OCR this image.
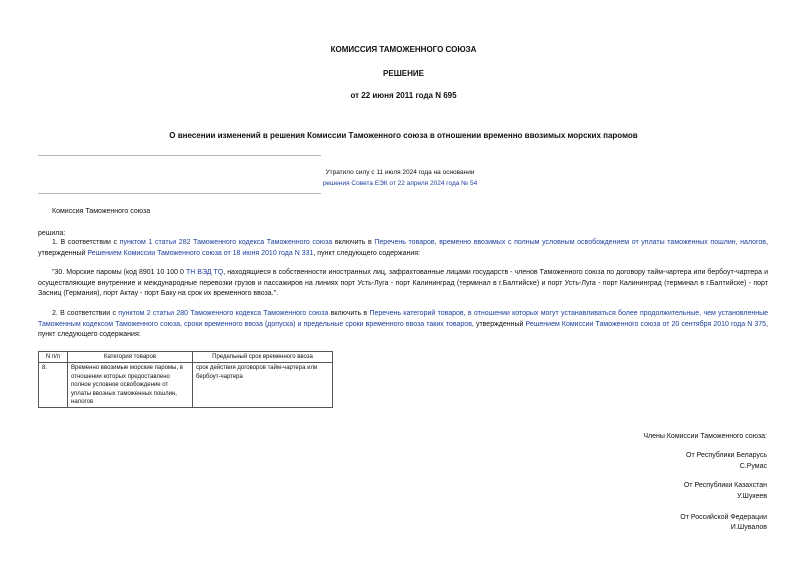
КОМИССИЯ ТАМОЖЕННОГО СОЮЗА
РЕШЕНИЕ
от 22 июня 2011 года N 695
О внесении изменений в решения Комиссии Таможенного союза в отношении временно ввозимых морских паромов
Утратило силу с 11 июля 2024 года на основании
решения Совета ЕЭК от 22 апреля 2024 года № 54
Комиссия Таможенного союза
решила:
1. В соответствии с пунктом 1 статьи 282 Таможенного кодекса Таможенного союза включить в Перечень товаров, временно ввозимых с полным условным освобождением от уплаты таможенных пошлин, налогов, утвержденный Решением Комиссии Таможенного союза от 18 июня 2010 года N 331, пункт следующего содержания:
"30. Морские паромы (код 8901 10 100 0 ТН ВЭД TQ, находящиеся в собственности иностранных лиц, зафрахтованные лицами государств - членов Таможенного союза по договору тайм-чартера или бербоут-чартера и осуществляющие внутренние и международные перевозки грузов и пассажиров на линиях порт Усть-Луга - порт Калининград (терминал в г.Балтийске) и порт Усть-Луга - порт Калининград (терминал в г.Балтийске) - порт Засниц (Германия), порт Актау - порт Баку на срок их временного ввоза.".
2. В соответствии с пунктом 2 статьи 280 Таможенного кодекса Таможенного союза включить в Перечень категорий товаров, в отношении которых могут устанавливаться более продолжительные, чем установленные Таможенным кодексом Таможенного союза, сроки временного ввоза (допуска) и предельные сроки временного ввоза таких товаров, утвержденный Решением Комиссии Таможенного союза от 20 сентября 2010 года N 375, пункт следующего содержания:
N п/п	Категория товаров	Предельный срок временного ввоза
8.	Временно ввозимые морские паромы, в отношении которых предоставлено полное условное освобождение от уплаты ввозных таможенных пошлин, налогов	срок действия договоров тайм-чартера или бербоут-чартера
Члены Комиссии Таможенного союза:
От Республики Беларусь
С.Румас
От Республики Казахстан
У.Шукеев
От Российской Федерации
И.Шувалов
